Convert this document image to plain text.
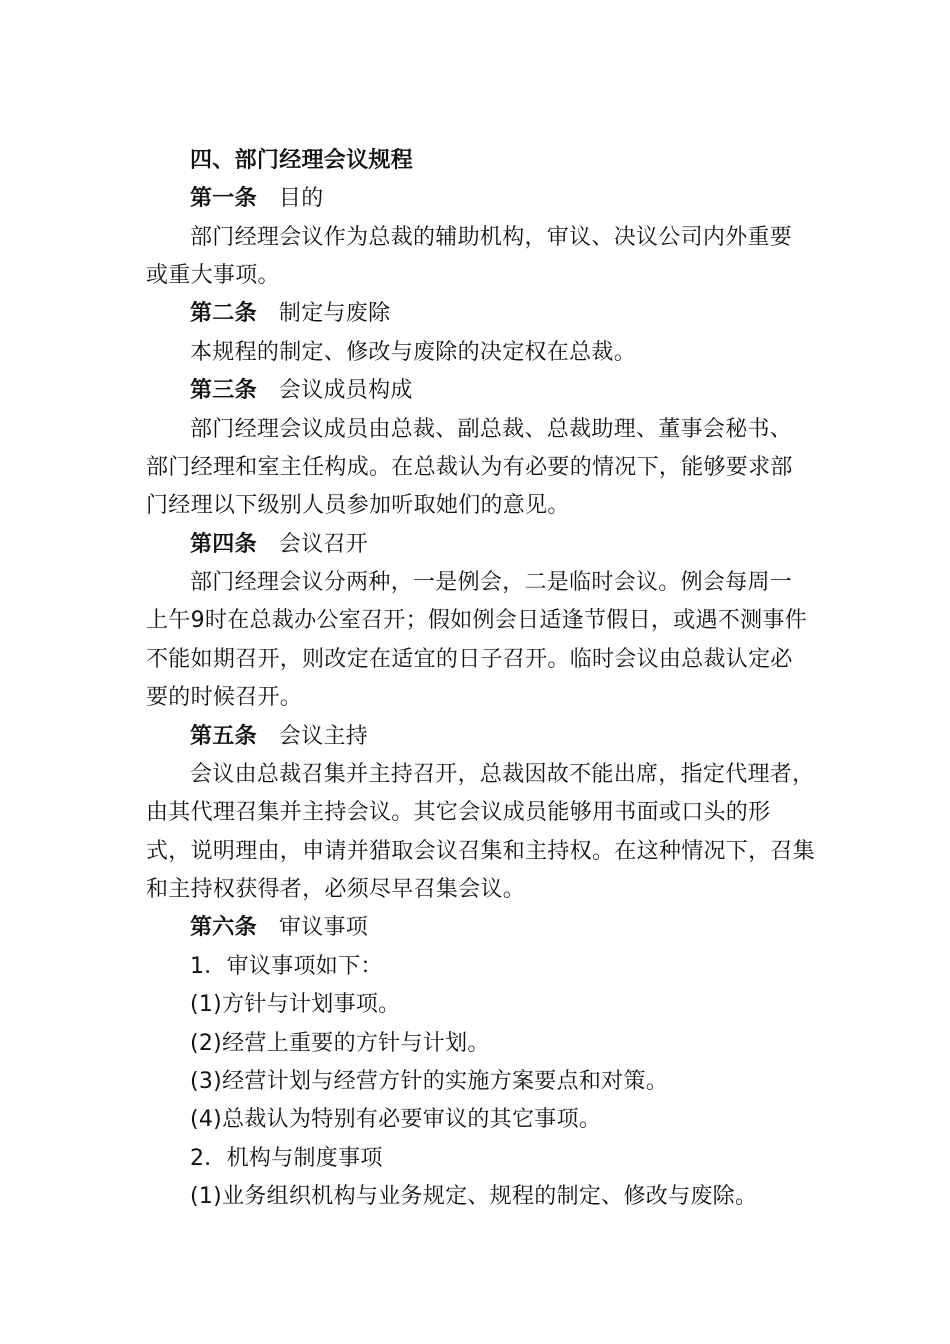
四、部门经理会议规程
第一条 目的
部门经理会议作为总裁的辅助机构，审议、决议公司内外重要
或重大事项。
第二条 制定与废除
本规程的制定、修改与废除的决定权在总裁。
第三条 会议成员构成
部门经理会议成员由总裁、副总裁、总裁助理、董事会秘书、
部门经理和室主任构成。在总裁认为有必要的情况下，能够要求部
门经理以下级别人员参加听取她们的意见。
第四条 会议召开
部门经理会议分两种，一是例会，二是临时会议。例会每周一
上午9时在总裁办公室召开；假如例会日适逢节假日，或遇不测事件
不能如期召开，则改定在适宜的日子召开。临时会议由总裁认定必
要的时候召开。
第五条 会议主持
会议由总裁召集并主持召开，总裁因故不能出席，指定代理者，
由其代理召集并主持会议。其它会议成员能够用书面或口头的形
式，说明理由，申请并猎取会议召集和主持权。在这种情况下，召集
和主持权获得者，必须尽早召集会议。
第六条 审议事项
1．审议事项如下：
(1)方针与计划事项。
(2)经营上重要的方针与计划。
(3)经营计划与经营方针的实施方案要点和对策。
(4)总裁认为特别有必要审议的其它事项。
2．机构与制度事项
(1)业务组织机构与业务规定、规程的制定、修改与废除。
